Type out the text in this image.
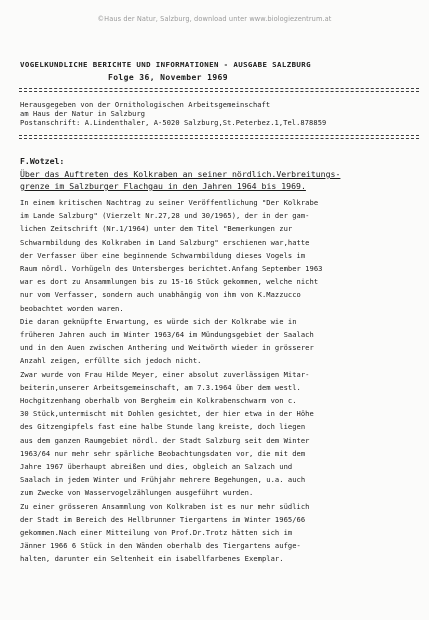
©Haus der Natur, Salzburg, download unter www.biologiezentrum.at
VOGELKUNDLICHE BERICHTE UND INFORMATIONEN - AUSGABE SALZBURG
Folge 36, November 1969
Herausgegeben von der Ornithologischen Arbeitsgemeinschaft
am Haus der Natur in Salzburg
Postanschrift: A.Lindenthaler, A-5020 Salzburg,St.Peterbez.1,Tel.878859
F.Wotzel:
Über das Auftreten des Kolkraben an seiner nördlich.Verbreitungs-
grenze im Salzburger Flachgau in den Jahren 1964 bis 1969.
In einem kritischen Nachtrag zu seiner Veröffentlichung "Der Kolkrabe
im Lande Salzburg" (Vierzelt Nr.27,28 und 30/1965), der in der gam-
lichen Zeitschrift (Nr.1/1964) unter dem Titel "Bemerkungen zur
Schwarmbildung des Kolkraben im Land Salzburg" erschienen war,hatte
der Verfasser über eine beginnende Schwarmbildung dieses Vogels im
Raum nördl. Vorhügeln des Untersberges berichtet.Anfang September 1963
war es dort zu Ansammlungen bis zu 15-16 Stück gekommen, welche nicht
nur vom Verfasser, sondern auch unabhängig von ihm von K.Mazzucco
beobachtet worden waren.
Die daran geknüpfte Erwartung, es würde sich der Kolkrabe wie in
früheren Jahren auch im Winter 1963/64 im Mündungsgebiet der Saalach
und in den Auen zwischen Anthering und Weitwörth wieder in grösserer
Anzahl zeigen, erfüllte sich jedoch nicht.
Zwar wurde von Frau Hilde Meyer, einer absolut zuverlässigen Mitar-
beiterin,unserer Arbeitsgemeinschaft, am 7.3.1964 über dem westl.
Hochgitzenhang oberhalb von Bergheim ein Kolkrabenschwarm von c.
30 Stück,untermischt mit Dohlen gesichtet, der hier etwa in der Höhe
des Gitzengipfels fast eine halbe Stunde lang kreiste, doch liegen
aus dem ganzen Raumgebiet nördl. der Stadt Salzburg seit dem Winter
1963/64 nur mehr sehr spärliche Beobachtungsdaten vor, die mit dem
Jahre 1967 überhaupt abreißen und dies, obgleich an Salzach und
Saalach in jedem Winter und Frühjahr mehrere Begehungen, u.a. auch
zum Zwecke von Wasservogelzählungen ausgeführt wurden.
Zu einer grösseren Ansammlung von Kolkraben ist es nur mehr südlich
der Stadt im Bereich des Hellbrunner Tiergartens im Winter 1965/66
gekommen.Nach einer Mitteilung von Prof.Dr.Trotz hätten sich im
Jänner 1966 6 Stück in den Wänden oberhalb des Tiergartens aufge-
halten, darunter ein Seltenheit ein isabellfarbenes Exemplar.
